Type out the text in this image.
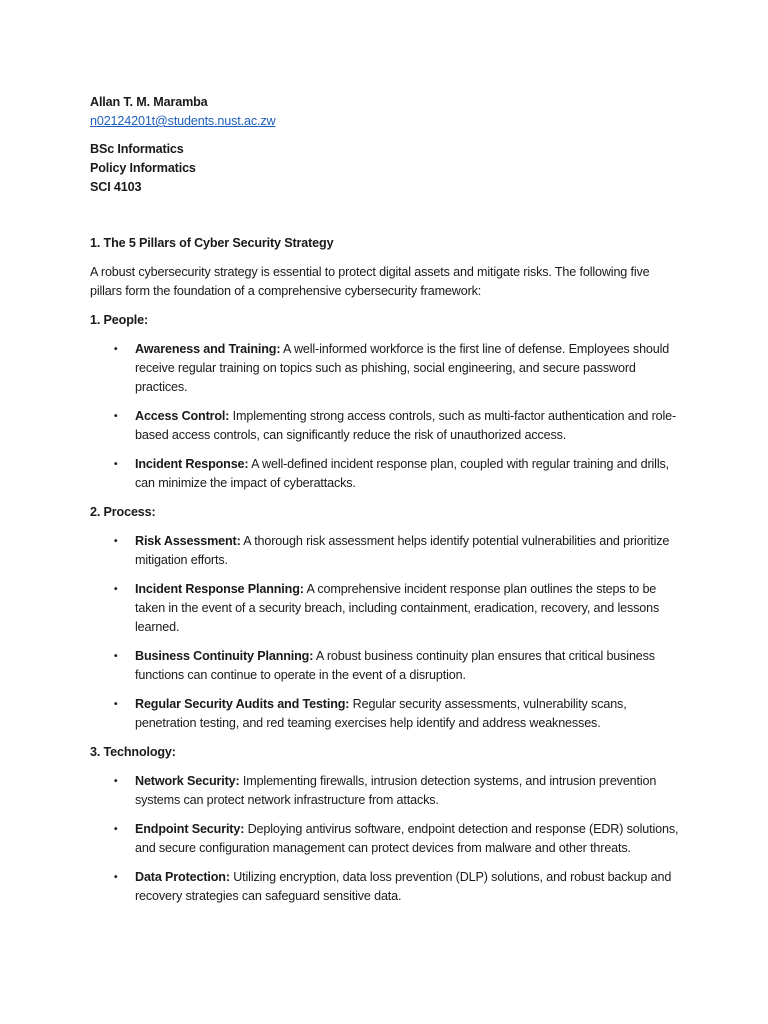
Allan T. M. Maramba

n02124201t@students.nust.ac.zw

BSc Informatics

Policy Informatics

SCI 4103

1. The 5 Pillars of Cyber Security Strategy

A robust cybersecurity strategy is essential to protect digital assets and mitigate risks. The following five pillars form the foundation of a comprehensive cybersecurity framework:

1. People:

• Awareness and Training: A well-informed workforce is the first line of defense. Employees should receive regular training on topics such as phishing, social engineering, and secure password practices.
• Access Control: Implementing strong access controls, such as multi-factor authentication and role-based access controls, can significantly reduce the risk of unauthorized access.
• Incident Response: A well-defined incident response plan, coupled with regular training and drills, can minimize the impact of cyberattacks.

2. Process:

• Risk Assessment: A thorough risk assessment helps identify potential vulnerabilities and prioritize mitigation efforts.
• Incident Response Planning: A comprehensive incident response plan outlines the steps to be taken in the event of a security breach, including containment, eradication, recovery, and lessons learned.
• Business Continuity Planning: A robust business continuity plan ensures that critical business functions can continue to operate in the event of a disruption.
• Regular Security Audits and Testing: Regular security assessments, vulnerability scans, penetration testing, and red teaming exercises help identify and address weaknesses.

3. Technology:

• Network Security: Implementing firewalls, intrusion detection systems, and intrusion prevention systems can protect network infrastructure from attacks.
• Endpoint Security: Deploying antivirus software, endpoint detection and response (EDR) solutions, and secure configuration management can protect devices from malware and other threats.
• Data Protection: Utilizing encryption, data loss prevention (DLP) solutions, and robust backup and recovery strategies can safeguard sensitive data.
